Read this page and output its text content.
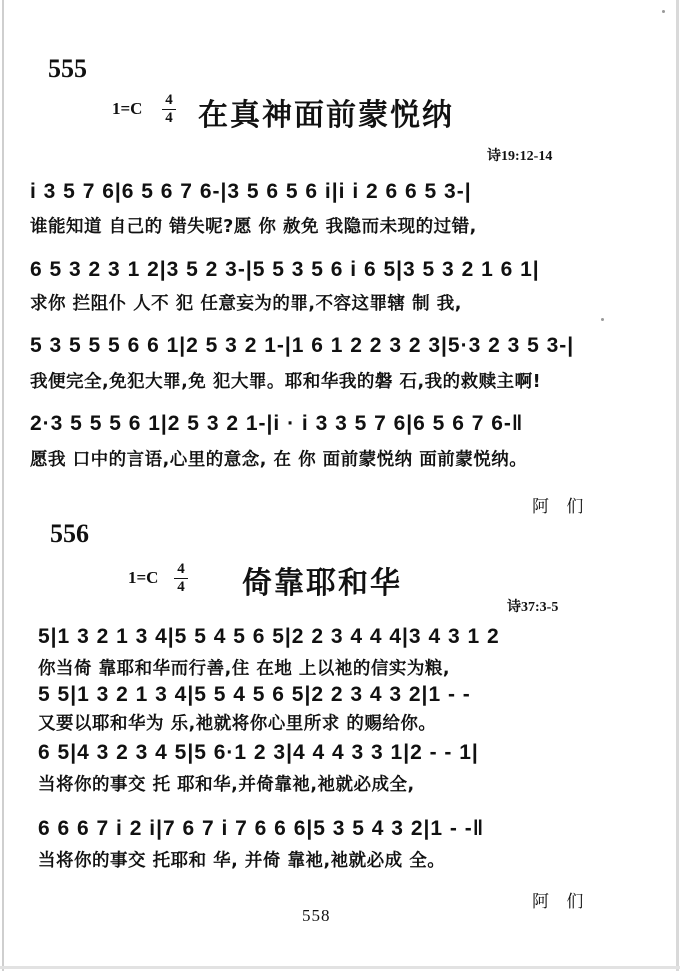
555
1=C 4
4 在真神面前蒙悦纳
诗19:12-14
i 3 5 7 6|6 5 6 7 6-|3 5 6 5 6 i|i i 2 6 6 5 3-|
谁能知道 自己的 错失呢?愿 你 赦免 我隐而未现的过错,
6 5 3 2 3 1 2|3 5 2 3-|5 5 3 5 6 i 6 5|3 5 3 2 1 6 1|
求你 拦阻仆 人不 犯 任意妄为的罪,不容这罪辖 制 我,
5 3 5 5 5 6 6 1|2 5 3 2 1-|1 6 1 2 2 3 2 3|5·3 2 3 5 3-|
我便完全,免犯大罪,免 犯大罪。耶和华我的磐 石,我的救赎主啊!
2·3 5 5 5 6 1|2 5 3 2 1-|i · i 3 3 5 7 6|6 5 6 7 6-‖
愿我 口中的言语,心里的意念, 在 你 面前蒙悦纳 面前蒙悦纳。
阿 们
556
1=C 4
4 倚靠耶和华
诗37:3-5
5|1 3 2 1 3 4|5 5 4 5 6 5|2 2 3 4 4 4|3 4 3 1 2
你当倚 靠耶和华而行善,住 在地 上以祂的信实为粮,
5 5|1 3 2 1 3 4|5 5 4 5 6 5|2 2 3 4 3 2|1 - -
又要以耶和华为 乐,祂就将你心里所求 的赐给你。
6 5|4 3 2 3 4 5|5 6·1 2 3|4 4 4 3 3 1|2 - - 1|
当将你的事交 托 耶和华,并倚靠祂,祂就必成全,
6 6 6 7 i 2 i|7 6 7 i 7 6 6 6|5 3 5 4 3 2|1 - -‖
当将你的事交 托耶和 华, 并倚 靠祂,祂就必成 全。
阿 们
558
